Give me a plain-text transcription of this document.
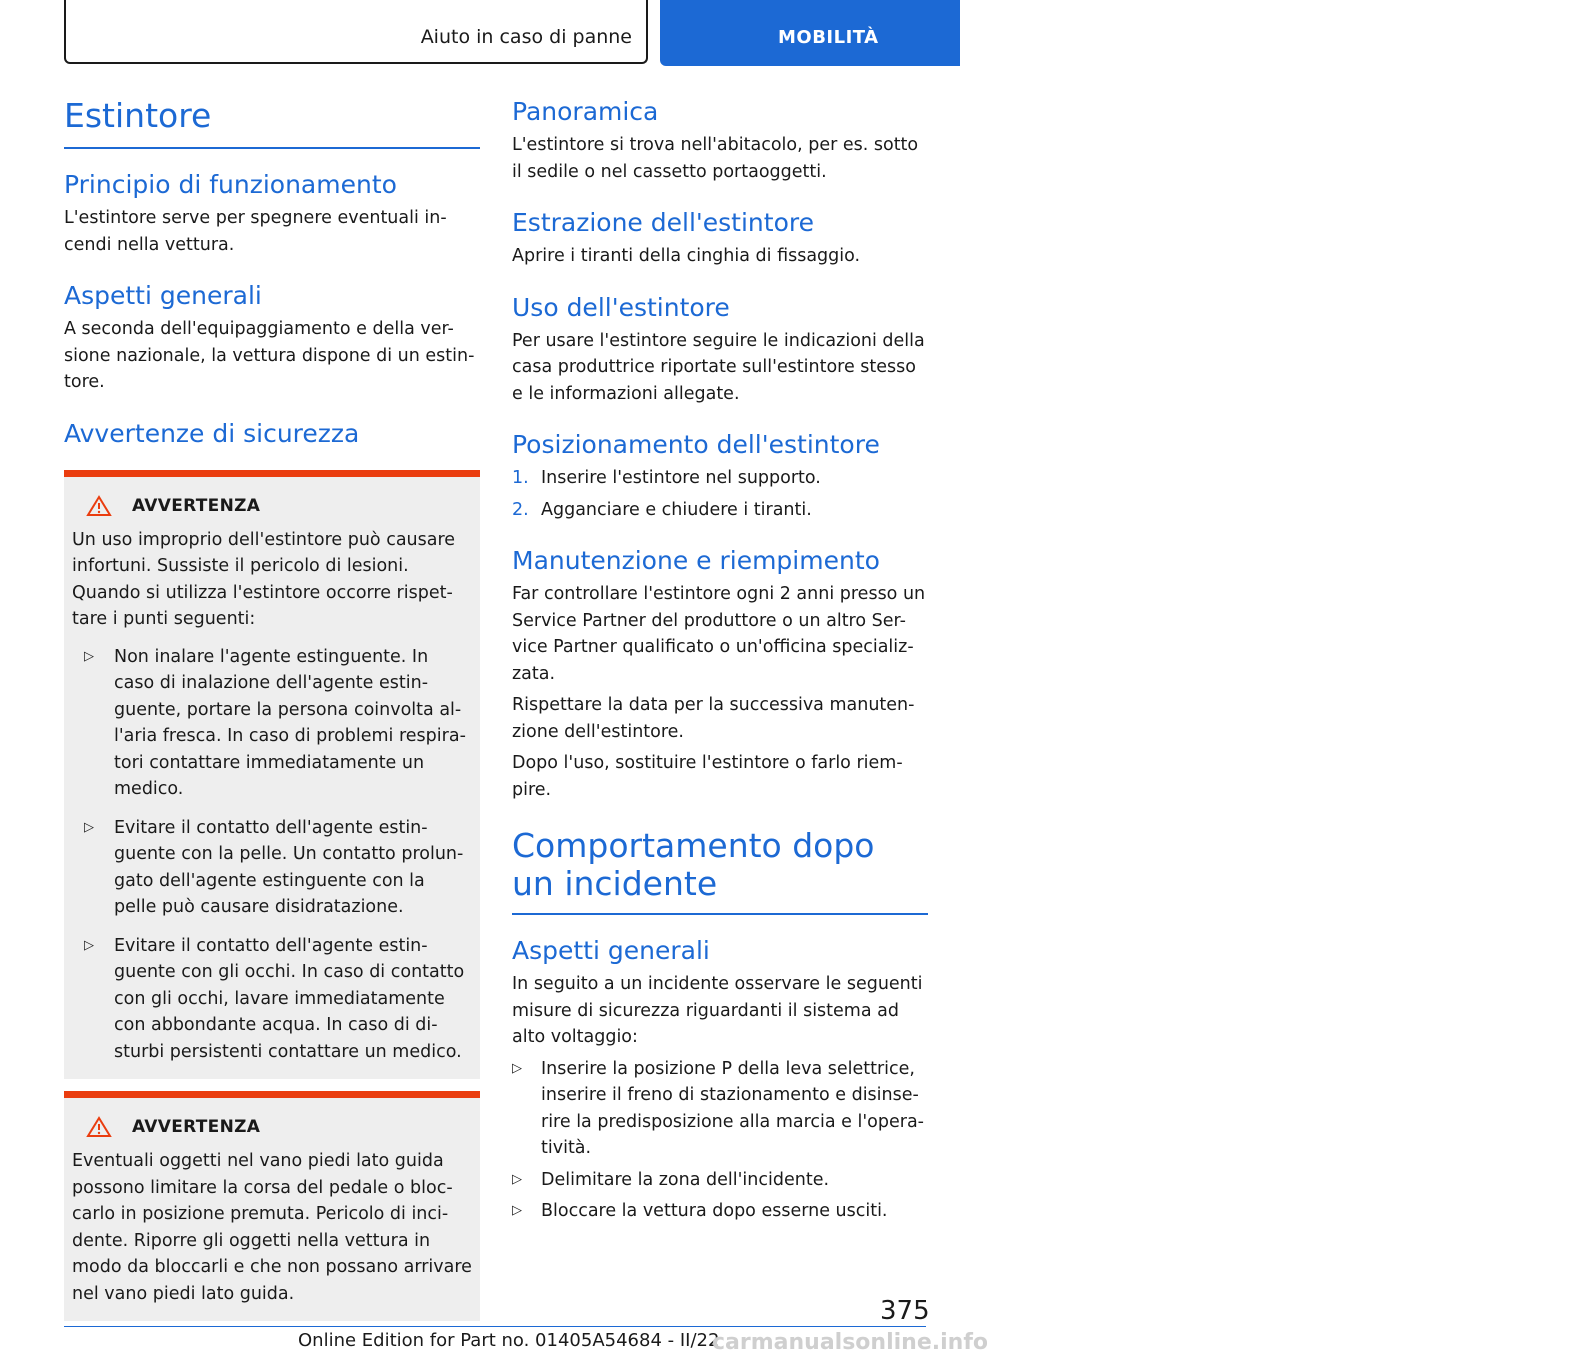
Aiuto in caso di panne	MOBILITÀ
Estintore
Principio di funzionamento

L'estintore serve per spegnere eventuali in-cendi nella vettura.

Aspetti generali

A seconda dell'equipaggiamento e della ver-sione nazionale, la vettura dispone di un estin-tore.

Avvertenze di sicurezza
AVVERTENZA

Un uso improprio dell'estintore può causare infortuni. Sussiste il pericolo di lesioni. Quando si utilizza l'estintore occorre rispet-tare i punti seguenti:

▷ Non inalare l'agente estinguente. In caso di inalazione dell'agente estin-guente, portare la persona coinvolta al-l'aria fresca. In caso di problemi respira-tori contattare immediatamente un medico.
▷ Evitare il contatto dell'agente estin-guente con la pelle. Un contatto prolun-gato dell'agente estinguente con la pelle può causare disidratazione.
▷ Evitare il contatto dell'agente estin-guente con gli occhi. In caso di contatto con gli occhi, lavare immediatamente con abbondante acqua. In caso di di-sturbi persistenti contattare un medico.
AVVERTENZA

Eventuali oggetti nel vano piedi lato guida possono limitare la corsa del pedale o bloc-carlo in posizione premuta. Pericolo di inci-dente. Riporre gli oggetti nella vettura in modo da bloccarli e che non possano arrivare nel vano piedi lato guida.

Panoramica

L'estintore si trova nell'abitacolo, per es. sotto il sedile o nel cassetto portaoggetti.

Estrazione dell'estintore

Aprire i tiranti della cinghia di fissaggio.

Uso dell'estintore

Per usare l'estintore seguire le indicazioni della casa produttrice riportate sull'estintore stesso e le informazioni allegate.

Posizionamento dell'estintore
1. Inserire l'estintore nel supporto.
2. Agganciare e chiudere i tiranti.
Manutenzione e riempimento

Far controllare l'estintore ogni 2 anni presso un Service Partner del produttore o un altro Ser-vice Partner qualificato o un'officina specializ-zata.

Rispettare la data per la successiva manuten-zione dell'estintore.

Dopo l'uso, sostituire l'estintore o farlo riem-pire.

Comportamento dopo un incidente
Aspetti generali

In seguito a un incidente osservare le seguenti misure di sicurezza riguardanti il sistema ad alto voltaggio:

▷ Inserire la posizione P della leva selettrice, inserire il freno di stazionamento e disinse-rire la predisposizione alla marcia e l'opera-tività.
▷ Delimitare la zona dell'incidente.
▷ Bloccare la vettura dopo esserne usciti.
375
Online Edition for Part no. 01405A54684 - II/22
carmanualsonline.info
